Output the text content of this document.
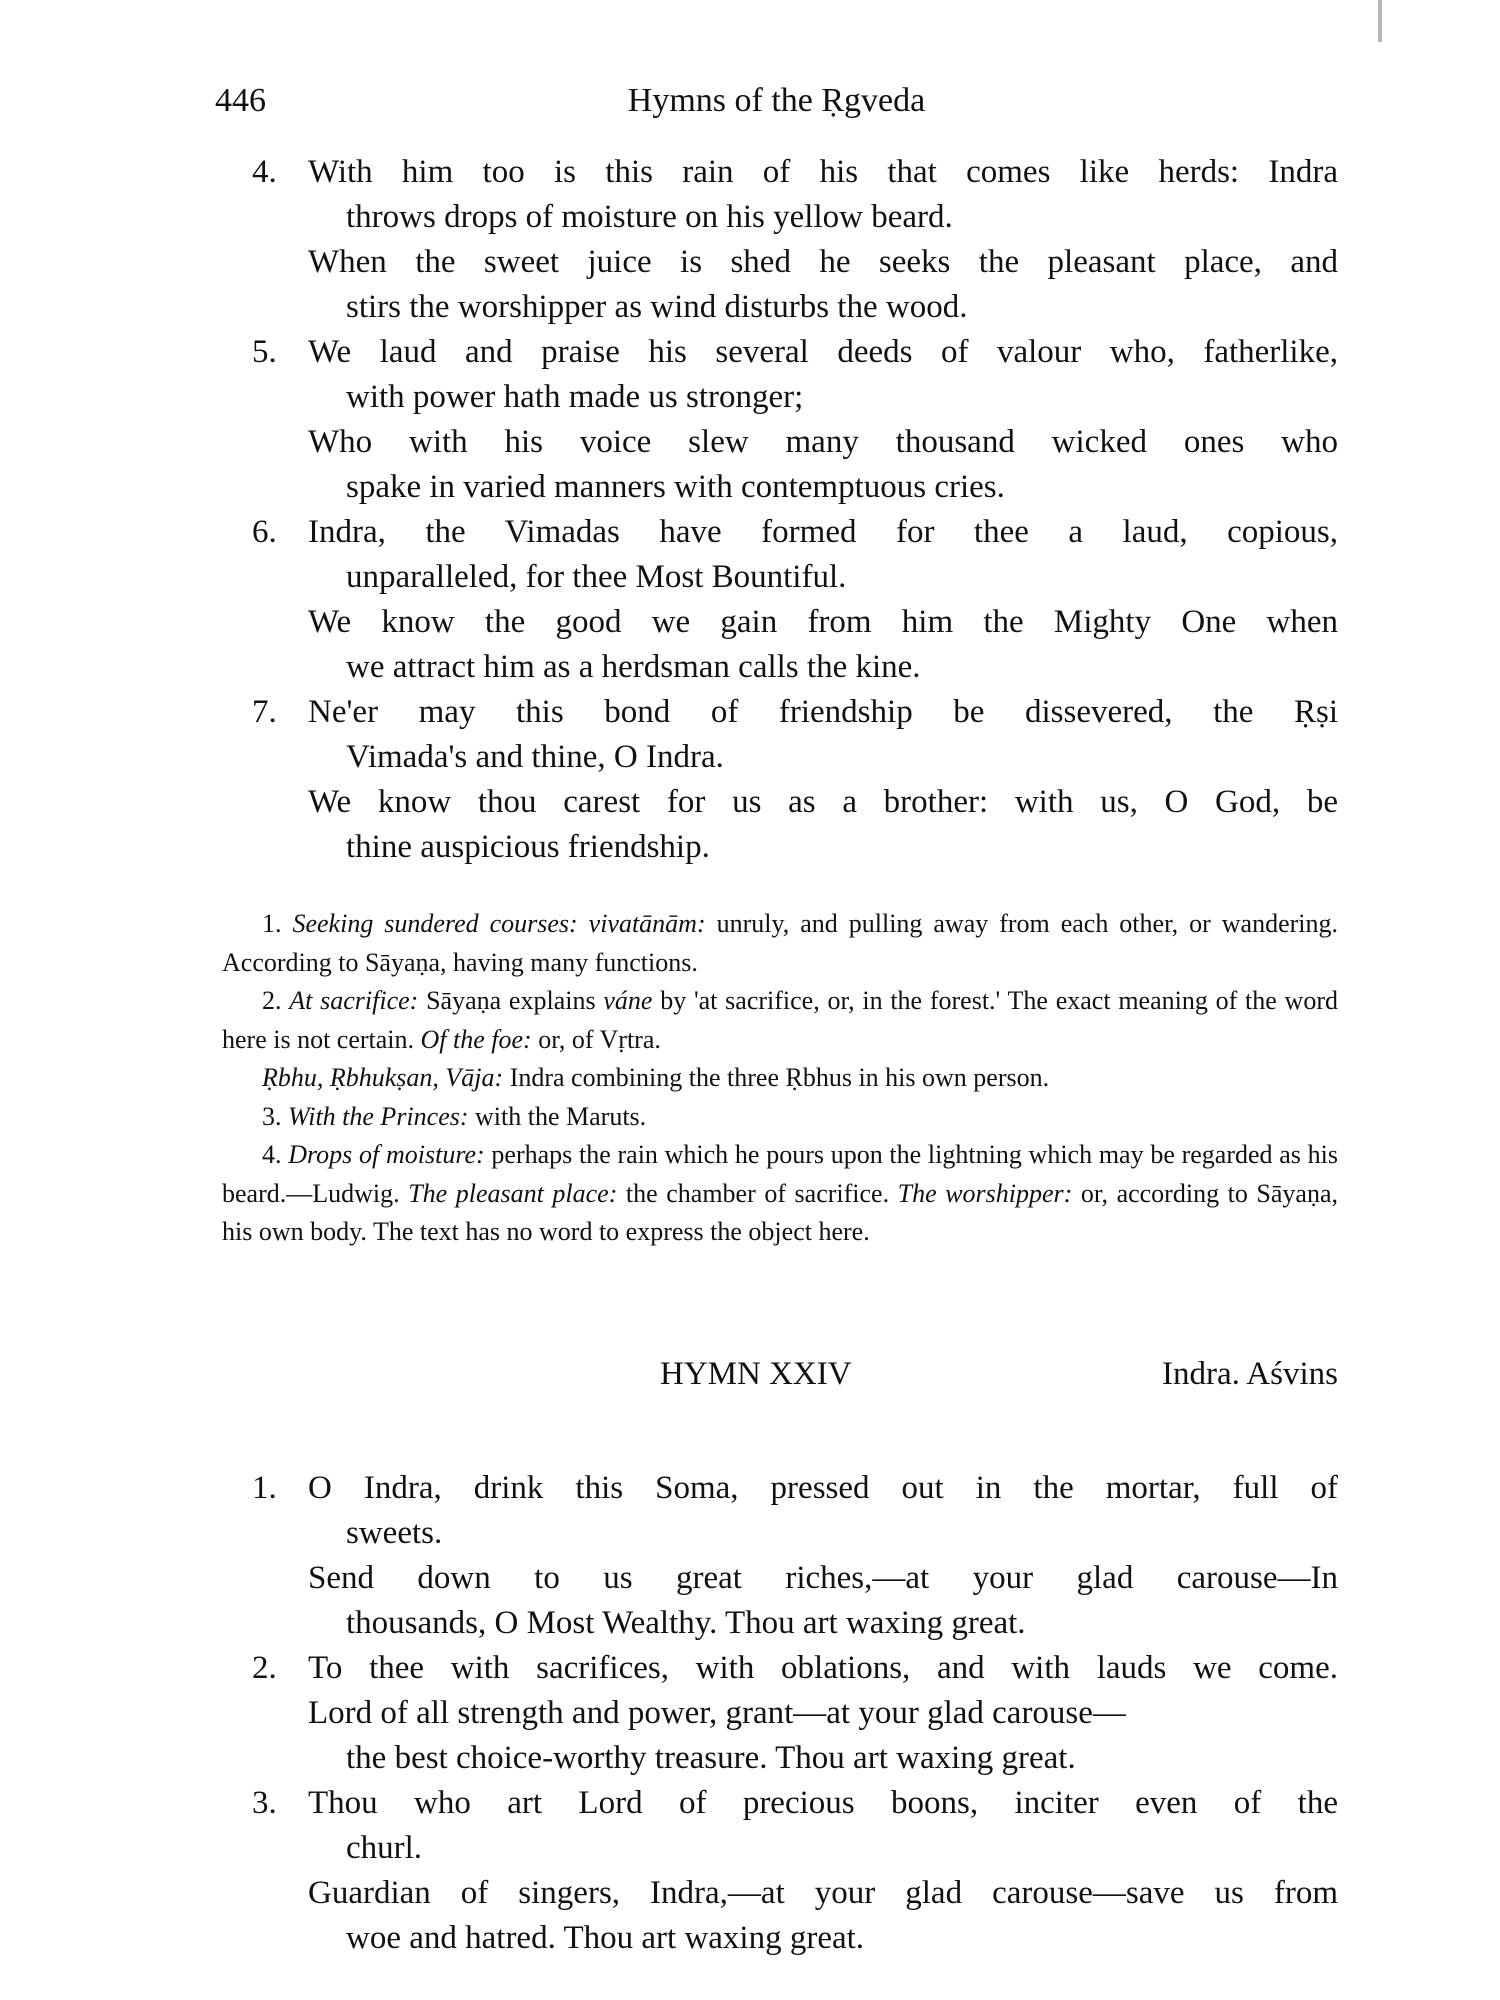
446	Hymns of the Ṛgveda
4. With him too is this rain of his that comes like herds: Indra
throws drops of moisture on his yellow beard.
When the sweet juice is shed he seeks the pleasant place, and
stirs the worshipper as wind disturbs the wood.
5. We laud and praise his several deeds of valour who, fatherlike,
with power hath made us stronger;
Who with his voice slew many thousand wicked ones who
spake in varied manners with contemptuous cries.
6. Indra, the Vimadas have formed for thee a laud, copious,
unparalleled, for thee Most Bountiful.
We know the good we gain from him the Mighty One when
we attract him as a herdsman calls the kine.
7. Ne'er may this bond of friendship be dissevered, the Ṛṣi
Vimada's and thine, O Indra.
We know thou carest for us as a brother: with us, O God, be
thine auspicious friendship.
1. Seeking sundered courses: vivatānām: unruly, and pulling away from each other, or wandering. According to Sāyaṇa, having many functions.
2. At sacrifice: Sāyaṇa explains váne by 'at sacrifice, or, in the forest.' The exact meaning of the word here is not certain. Of the foe: or, of Vṛtra.
Ṛbhu, Ṛbhukṣan, Vāja: Indra combining the three Ṛbhus in his own person.
3. With the Princes: with the Maruts.
4. Drops of moisture: perhaps the rain which he pours upon the lightning which may be regarded as his beard.—Ludwig. The pleasant place: the chamber of sacrifice. The worshipper: or, according to Sāyaṇa, his own body. The text has no word to express the object here.
HYMN XXIV	Indra. Aśvins
1. O Indra, drink this Soma, pressed out in the mortar, full of
sweets.
Send down to us great riches,—at your glad carouse—In
thousands, O Most Wealthy. Thou art waxing great.
2. To thee with sacrifices, with oblations, and with lauds we come.
Lord of all strength and power, grant—at your glad carouse—
the best choice-worthy treasure. Thou art waxing great.
3. Thou who art Lord of precious boons, inciter even of the
churl.
Guardian of singers, Indra,—at your glad carouse—save us from
woe and hatred. Thou art waxing great.
